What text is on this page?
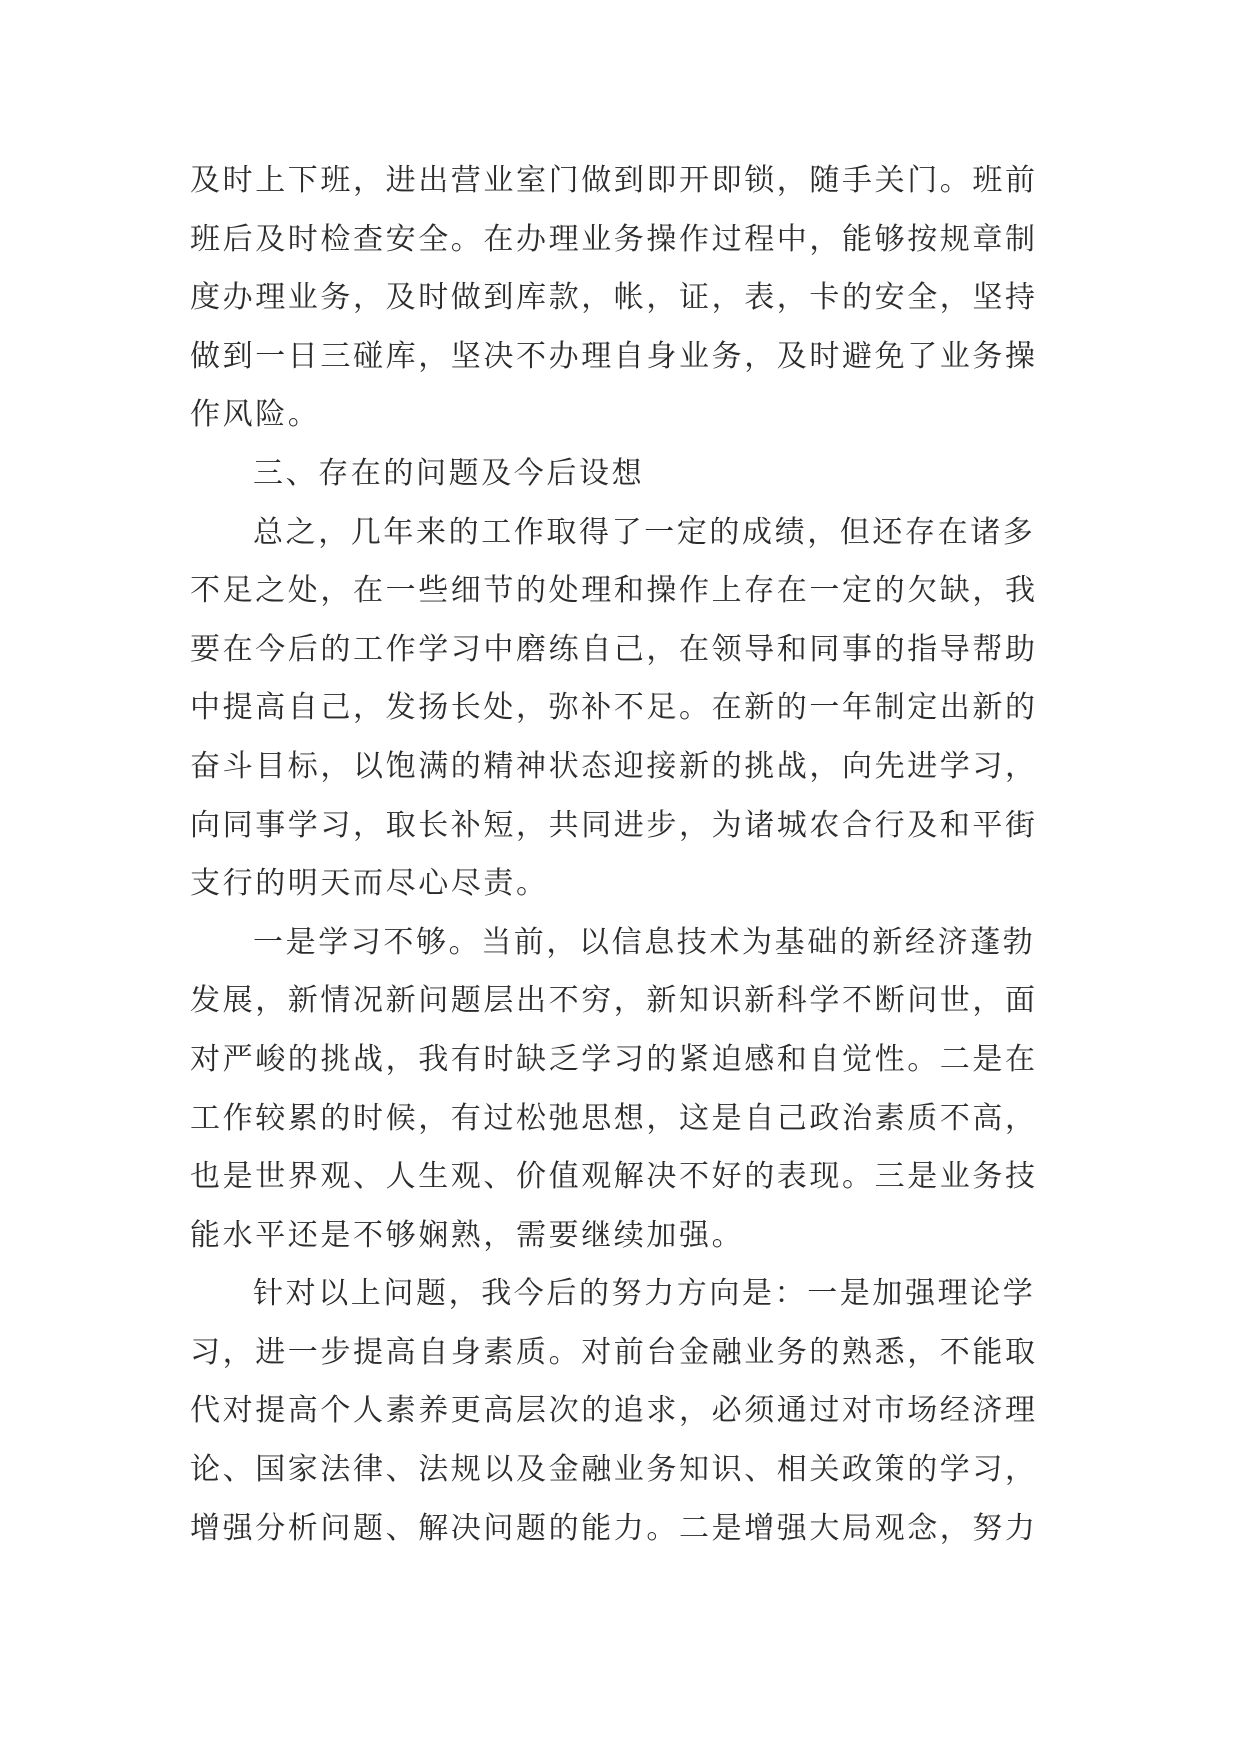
及时上下班，进出营业室门做到即开即锁，随手关门。班前
班后及时检查安全。在办理业务操作过程中，能够按规章制
度办理业务，及时做到库款，帐，证，表，卡的安全，坚持
做到一日三碰库，坚决不办理自身业务，及时避免了业务操
作风险。
三、存在的问题及今后设想
总之，几年来的工作取得了一定的成绩，但还存在诸多
不足之处，在一些细节的处理和操作上存在一定的欠缺，我
要在今后的工作学习中磨练自己，在领导和同事的指导帮助
中提高自己，发扬长处，弥补不足。在新的一年制定出新的
奋斗目标，以饱满的精神状态迎接新的挑战，向先进学习，
向同事学习，取长补短，共同进步，为诸城农合行及和平街
支行的明天而尽心尽责。
一是学习不够。当前，以信息技术为基础的新经济蓬勃
发展，新情况新问题层出不穷，新知识新科学不断问世，面
对严峻的挑战，我有时缺乏学习的紧迫感和自觉性。二是在
工作较累的时候，有过松弛思想，这是自己政治素质不高，
也是世界观、人生观、价值观解决不好的表现。三是业务技
能水平还是不够娴熟，需要继续加强。
针对以上问题，我今后的努力方向是：一是加强理论学
习，进一步提高自身素质。对前台金融业务的熟悉，不能取
代对提高个人素养更高层次的追求，必须通过对市场经济理
论、国家法律、法规以及金融业务知识、相关政策的学习，
增强分析问题、解决问题的能力。二是增强大局观念，努力
